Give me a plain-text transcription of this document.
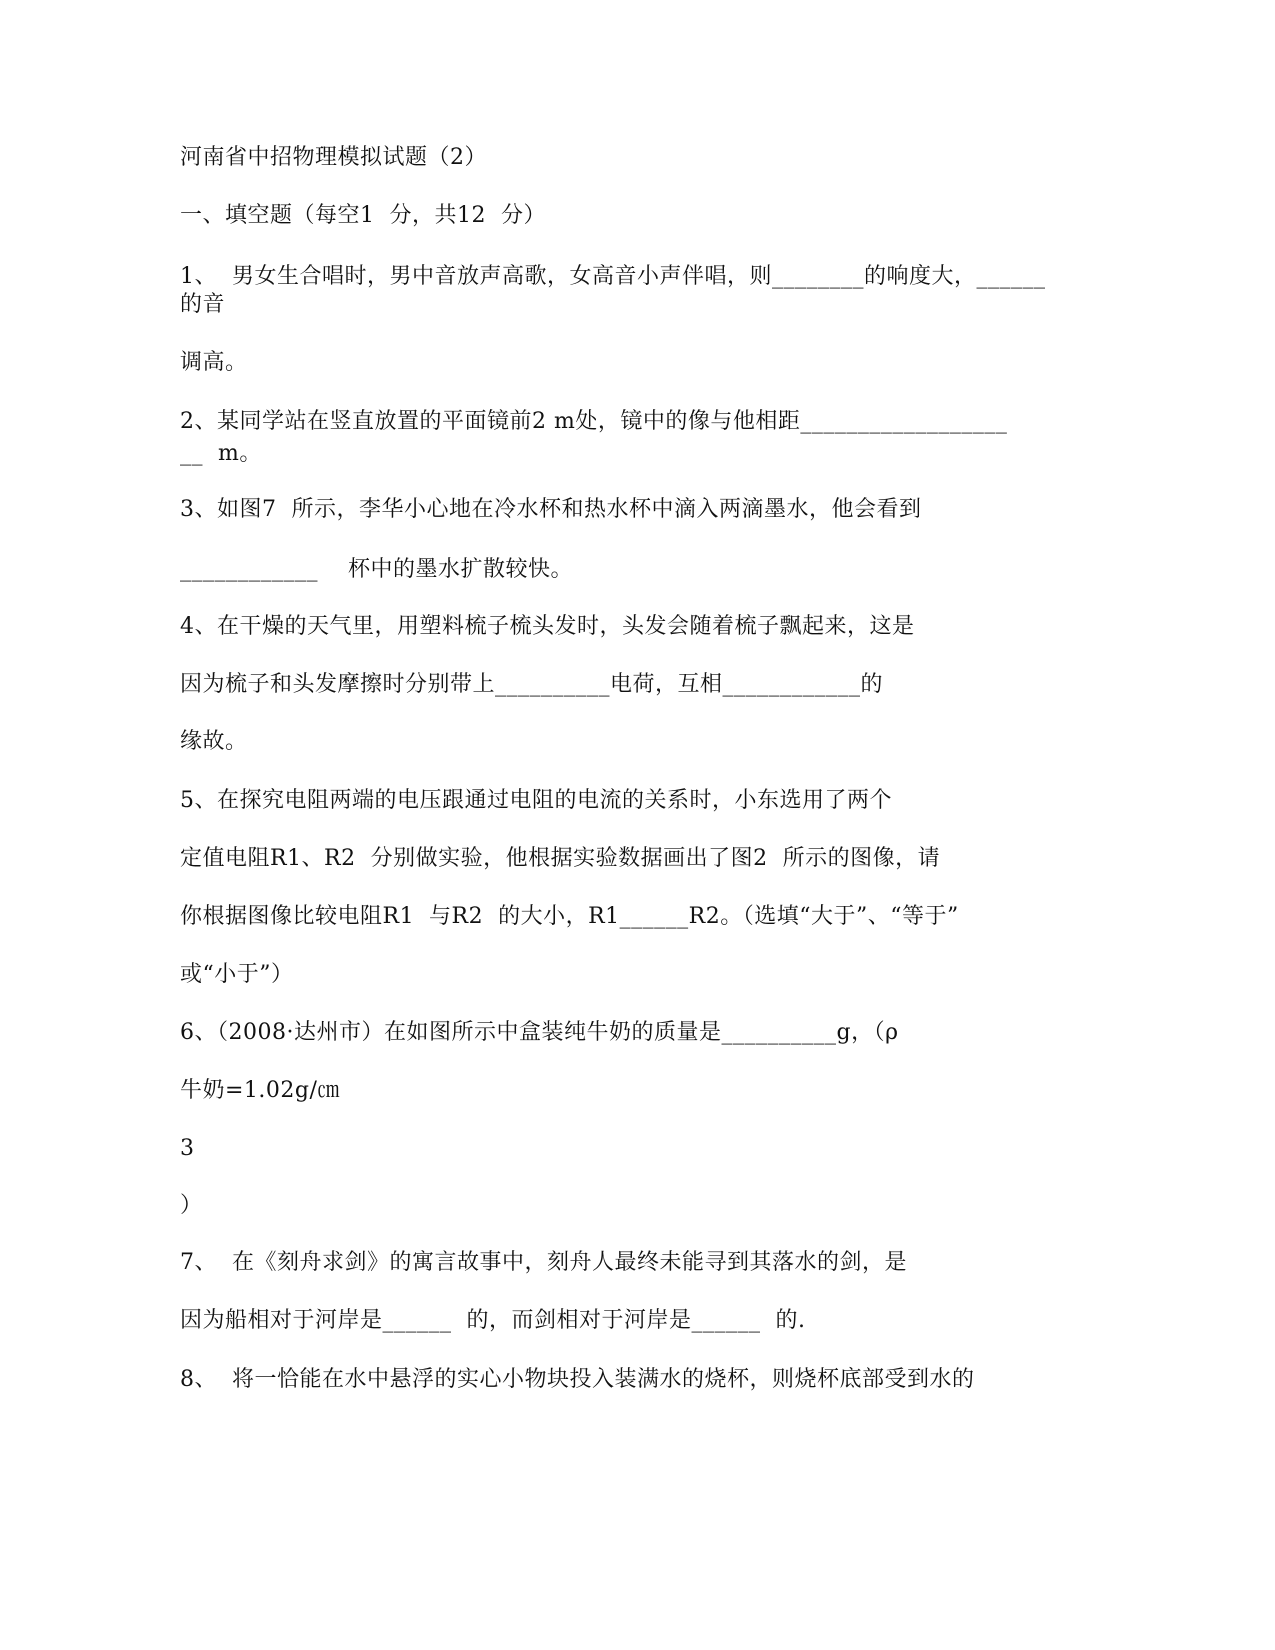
河南省中招物理模拟试题（2）
一、填空题（每空1  分，共12  分）
1、  男女生合唱时，男中音放声高歌，女高音小声伴唱，则________的响度大，______
的音
调高。
2、某同学站在竖直放置的平面镜前2 m处，镜中的像与他相距__________________
__  m。
3、如图7  所示，李华小心地在冷水杯和热水杯中滴入两滴墨水，他会看到
____________    杯中的墨水扩散较快。
4、在干燥的天气里，用塑料梳子梳头发时，头发会随着梳子飘起来，这是
因为梳子和头发摩擦时分别带上__________电荷，互相____________的
缘故。
5、在探究电阻两端的电压跟通过电阻的电流的关系时，小东选用了两个
定值电阻R1、R2  分别做实验，他根据实验数据画出了图2  所示的图像，请
你根据图像比较电阻R1  与R2  的大小，R1______R2。（选填“大于”、“等于”
或“小于”）
6、（2008·达州市）在如图所示中盒装纯牛奶的质量是__________g，（ρ
牛奶=1.02g/㎝
3
）
7、  在《刻舟求剑》的寓言故事中，刻舟人最终未能寻到其落水的剑，是
因为船相对于河岸是______  的，而剑相对于河岸是______  的.
8、  将一恰能在水中悬浮的实心小物块投入装满水的烧杯，则烧杯底部受到水的
